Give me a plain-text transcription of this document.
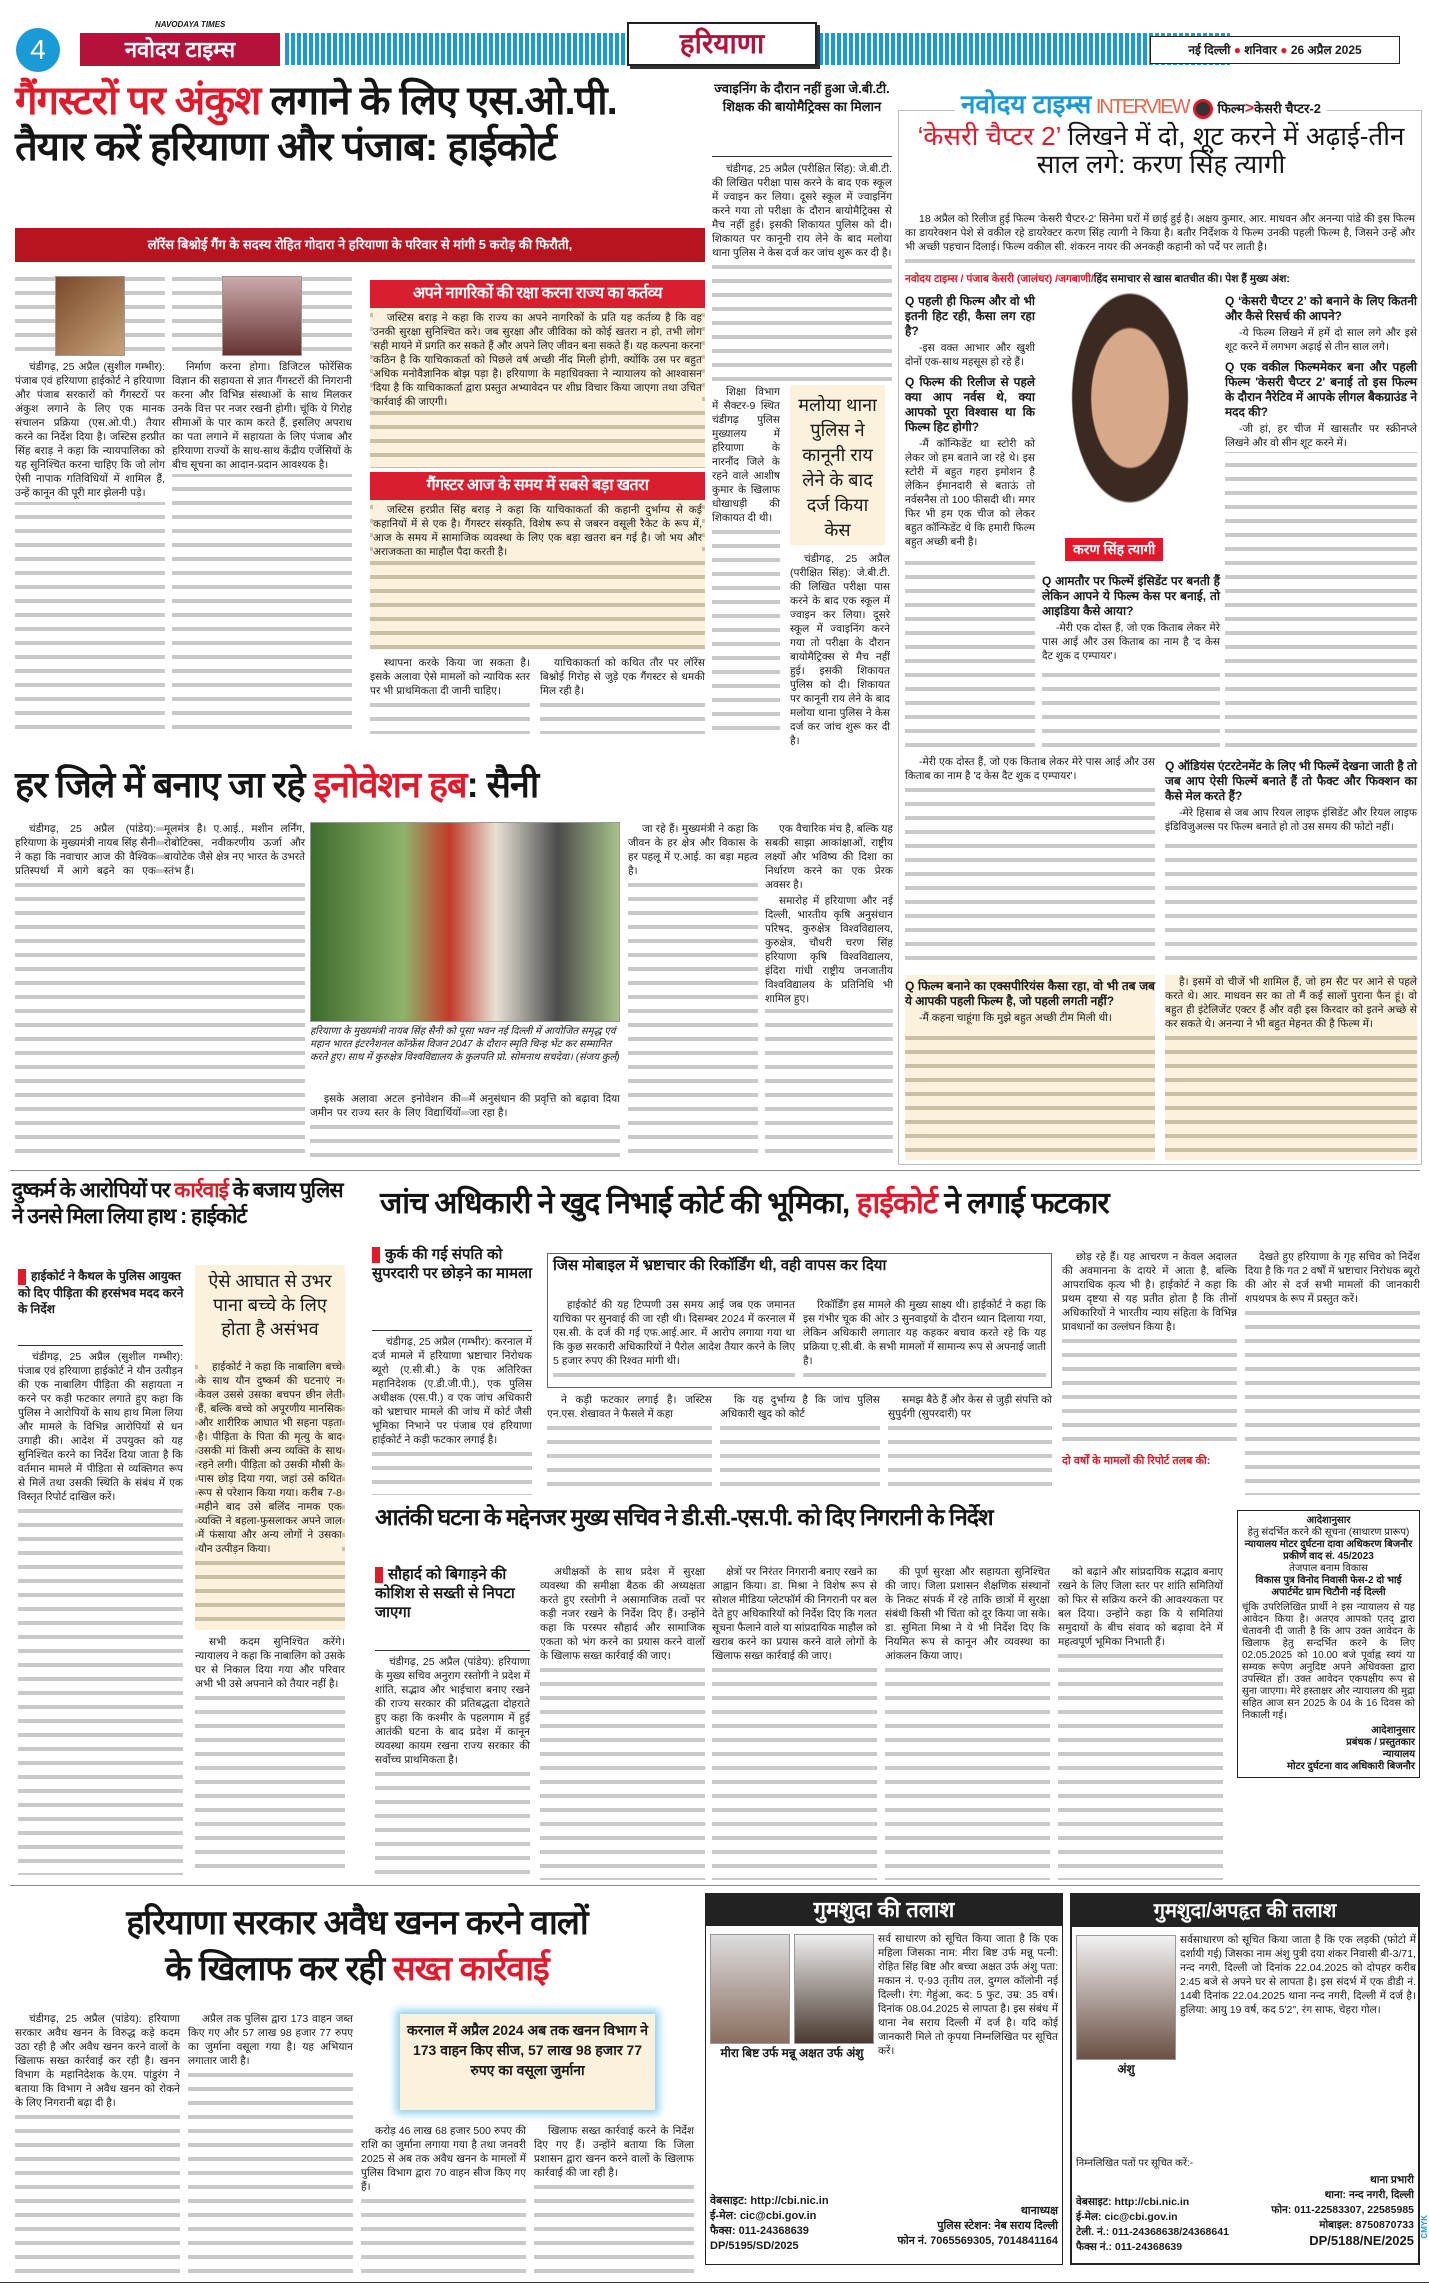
4
NAVODAYA TIMES
नवोदय टाइम्स	हरियाणा	नई दिल्ली ● शनिवार ● 26 अप्रैल 2025
गैंगस्टरों पर अंकुश लगाने के लिए एस.ओ.पी.
तैयार करें हरियाणा और पंजाब: हाईकोर्ट
लॉरेंस बिश्नोई गैंग के सदस्य रोहित गोदारा ने हरियाणा के परिवार से मांगी 5 करोड़ की फिरौती,

चंडीगढ़, 25 अप्रैल (सुशील गम्भीर): पंजाब एवं हरियाणा हाईकोर्ट ने हरियाणा और पंजाब सरकारों को गैंगस्टरों पर अंकुश लगाने के लिए एक मानक संचालन प्रक्रिया (एस.ओ.पी.) तैयार करने का निर्देश दिया है। जस्टिस हरप्रीत सिंह बराड़ ने कहा कि न्यायपालिका को यह सुनिश्चित करना चाहिए कि जो लोग ऐसी नापाक गतिविधियों में शामिल हैं, उन्हें कानून की पूरी मार झेलनी पड़े।

निर्माण करना होगा। डिजिटल फोरेंसिक विज्ञान की सहायता से ज्ञात गैंगस्टरों की निगरानी करना और विभिन्न संस्थाओं के साथ मिलकर उनके वित्त पर नजर रखनी होगी। चूंकि ये गिरोह सीमाओं के पार काम करते हैं, इसलिए अपराध का पता लगाने में सहायता के लिए पंजाब और हरियाणा राज्यों के साथ-साथ केंद्रीय एजेंसियों के बीच सूचना का आदान-प्रदान आवश्यक है।

अपने नागरिकों की रक्षा करना राज्य का कर्तव्य

जस्टिस बराड़ ने कहा कि राज्य का अपने नागरिकों के प्रति यह कर्तव्य है कि वह उनकी सुरक्षा सुनिश्चित करे। जब सुरक्षा और जीविका को कोई खतरा न हो, तभी लोग सही मायने में प्रगति कर सकते हैं और अपने लिए जीवन बना सकते हैं। यह कल्पना करना कठिन है कि याचिकाकर्ता को पिछले वर्ष अच्छी नींद मिली होगी, क्योंकि उस पर बहुत अधिक मनोवैज्ञानिक बोझ पड़ा है। हरियाणा के महाधिवक्ता ने न्यायालय को आश्वासन दिया है कि याचिकाकर्ता द्वारा प्रस्तुत अभ्यावेदन पर शीघ्र विचार किया जाएगा तथा उचित कार्रवाई की जाएगी।

गैंगस्टर आज के समय में सबसे बड़ा खतरा

जस्टिस हरप्रीत सिंह बराड़ ने कहा कि याचिकाकर्ता की कहानी दुर्भाग्य से कई कहानियों में से एक है। गैंगस्टर संस्कृति, विशेष रूप से जबरन वसूली रैकेट के रूप में, आज के समय में सामाजिक व्यवस्था के लिए एक बड़ा खतरा बन गई है। जो भय और अराजकता का माहौल पैदा करती है।

स्थापना करके किया जा सकता है। इसके अलावा ऐसे मामलों को न्यायिक स्तर पर भी प्राथमिकता दी जानी चाहिए।

याचिकाकर्ता को कथित तौर पर लॉरेंस बिश्नोई गिरोह से जुड़े एक गैंगस्टर से धमकी मिल रही है।

ज्वाइनिंग के दौरान नहीं हुआ जे.बी.टी. शिक्षक की बायोमैट्रिक्स का मिलान

चंडीगढ़, 25 अप्रैल (परीक्षित सिंह): जे.बी.टी. की लिखित परीक्षा पास करने के बाद एक स्कूल में ज्वाइन कर लिया। दूसरे स्कूल में ज्वाइनिंग करने गया तो परीक्षा के दौरान बायोमैट्रिक्स से मैच नहीं हुई। इसकी शिकायत पुलिस को दी। शिकायत पर कानूनी राय लेने के बाद मलोया थाना पुलिस ने केस दर्ज कर जांच शुरू कर दी है।

शिक्षा विभाग में सैक्टर-9 स्थित चंडीगढ़ पुलिस मुख्यालय में हरियाणा के नारनौंद जिले के रहने वाले आशीष कुमार के खिलाफ धोखाधड़ी की शिकायत दी थी।

मलोया थाना पुलिस ने कानूनी राय लेने के बाद दर्ज किया केस

चंडीगढ़, 25 अप्रैल (परीक्षित सिंह): जे.बी.टी. की लिखित परीक्षा पास करने के बाद एक स्कूल में ज्वाइन कर लिया। दूसरे स्कूल में ज्वाइनिंग करने गया तो परीक्षा के दौरान बायोमैट्रिक्स से मैच नहीं हुई। इसकी शिकायत पुलिस को दी। शिकायत पर कानूनी राय लेने के बाद मलोया थाना पुलिस ने केस दर्ज कर जांच शुरू कर दी है।

नवोदय टाइम्स INTERVIEW फिल्म>केसरी चैप्टर-2
‘केसरी चैप्टर 2’ लिखने में दो, शूट करने में अढ़ाई-तीन साल लगे: करण सिंह त्यागी

18 अप्रैल को रिलीज हुई फिल्म 'केसरी चैप्टर-2' सिनेमा घरों में छाई हुई है। अक्षय कुमार, आर. माधवन और अनन्या पांडे की इस फिल्म का डायरेक्शन पेशे से वकील रहे डायरेक्टर करण सिंह त्यागी ने किया है। बतौर निर्देशक ये फिल्म उनकी पहली फिल्म है, जिसने उन्हें और भी अच्छी पहचान दिलाई। फिल्म वकील सी. शंकरन नायर की अनकही कहानी को पर्दे पर लाती है।

नवोदय टाइम्स / पंजाब केसरी (जालंधर) /जगबाणी/हिंद समाचार से खास बातचीत की। पेश हैं मुख्य अंश:

Q पहली ही फिल्म और वो भी इतनी हिट रही, कैसा लग रहा है?

-इस वक्त आभार और खुशी दोनों एक-साथ महसूस हो रहे हैं।

Q फिल्म की रिलीज से पहले क्या आप नर्वस थे, क्या आपको पूरा विश्वास था कि फिल्म हिट होगी?

-मैं कॉन्फिडेंट था स्टोरी को लेकर जो हम बताने जा रहे थे। इस स्टोरी में बहुत गहरा इमोशन है लेकिन ईमानदारी से बताऊं तो नर्वसनैस तो 100 फीसदी थी। मगर फिर भी हम एक चीज को लेकर बहुत कॉन्फिडेंट थे कि हमारी फिल्म बहुत अच्छी बनी है।	करण सिंह त्यागी

Q ‘केसरी चैप्टर 2’ को बनाने के लिए कितनी और कैसे रिसर्च की आपने?

-ये फिल्म लिखने में हमें दो साल लगे और इसे शूट करने में लगभग अढ़ाई से तीन साल लगे।

Q एक वकील फिल्ममेकर बना और पहली फिल्म 'केसरी चैप्टर 2' बनाई तो इस फिल्म के दौरान नैरेटिव में आपके लीगल बैकग्राउंड ने मदद की?

-जी हां, हर चीज में खासतौर पर स्क्रीनप्ले लिखने और वो सीन शूट करने में।

Q आमतौर पर फिल्में इंसिडेंट पर बनती हैं लेकिन आपने ये फिल्म केस पर बनाई, तो आइडिया कैसे आया?

-मेरी एक दोस्त हैं, जो एक किताब लेकर मेरे पास आई और उस किताब का नाम है 'द केस दैट शुक द एम्पायर'।

-मेरी एक दोस्त हैं, जो एक किताब लेकर मेरे पास आई और उस किताब का नाम है 'द केस दैट शुक द एम्पायर'।

Q ऑडियंस एंटरटेनमेंट के लिए भी फिल्में देखना जाती है तो जब आप ऐसी फिल्में बनाते हैं तो फैक्ट और फिक्शन का कैसे मेल करते हैं?

-मेरे हिसाब से जब आप रियल लाइफ इंसिडेंट और रियल लाइफ इंडिविजुअल्स पर फिल्म बनाते हो तो उस समय की फोटो नहीं।

Q फिल्म बनाने का एक्सपीरियंस कैसा रहा, वो भी तब जब ये आपकी पहली फिल्म है, जो पहली लगती नहीं?

-मैं कहना चाहूंगा कि मुझे बहुत अच्छी टीम मिली थी।

है। इसमें वो चीजें भी शामिल हैं, जो हम सैट पर आने से पहले करते थे। आर. माधवन सर का तो मैं कई सालों पुराना फैन हूं। वो बहुत ही इंटेलिजेंट एक्टर हैं और वही इस किरदार को इतने अच्छे से कर सकते थे। अनन्या ने भी बहुत मेहनत की है फिल्म में।

हर जिले में बनाए जा रहे इनोवेशन हब: सैनी

चंडीगढ़, 25 अप्रैल (पांडेय): हरियाणा के मुख्यमंत्री नायब सिंह सैनी ने कहा कि नवाचार आज की वैश्विक प्रतिस्पर्धा में आगे बढ़ने का एक मूलमंत्र है। ए.आई., मशीन लर्निंग, रोबोटिक्स, नवीकरणीय ऊर्जा और बायोटेक जैसे क्षेत्र नए भारत के उभरते स्तंभ हैं।

हरियाणा के मुख्यमंत्री नायब सिंह सैनी को पूसा भवन नई दिल्ली में आयोजित समृद्ध एवं महान भारत इंटरनैशनल कॉन्फ्रेंस विजन 2047 के दौरान स्मृति चिन्ह भेंट कर सम्मानित करते हुए। साथ में कुरुक्षेत्र विश्वविद्यालय के कुलपति प्रो. सोमनाथ सचदेवा। (संजय कुर्ल)

इसके अलावा अटल इनोवेशन की जमीन पर राज्य स्तर के लिए विद्यार्थियों में अनुसंधान की प्रवृत्ति को बढ़ावा दिया जा रहा है।

जा रहे हैं। मुख्यमंत्री ने कहा कि जीवन के हर क्षेत्र और विकास के हर पहलू में ए.आई. का बड़ा महत्व है।

एक वैचारिक मंच है, बल्कि यह सबकी साझा आकांक्षाओं, राष्ट्रीय लक्ष्यों और भविष्य की दिशा का निर्धारण करने का एक प्रेरक अवसर है।

समारोह में हरियाणा और नई दिल्ली, भारतीय कृषि अनुसंधान परिषद, कुरुक्षेत्र विश्वविद्यालय, कुरुक्षेत्र, चौधरी चरण सिंह हरियाणा कृषि विश्वविद्यालय, इंदिरा गांधी राष्ट्रीय जनजातीय विश्वविद्यालय के प्रतिनिधि भी शामिल हुए।

दुष्कर्म के आरोपियों पर कार्रवाई के बजाय पुलिस ने उनसे मिला लिया हाथ : हाईकोर्ट
हाईकोर्ट ने कैथल के पुलिस आयुक्त को दिए पीड़िता की हरसंभव मदद करने के निर्देश

चंडीगढ़, 25 अप्रैल (सुशील गम्भीर): पंजाब एवं हरियाणा हाईकोर्ट ने यौन उत्पीड़न की एक नाबालिग पीड़िता की सहायता न करने पर कड़ी फटकार लगाते हुए कहा कि पुलिस ने आरोपियों के साथ हाथ मिला लिया और मामले के विभिन्न आरोपियों से धन उगाही की। आदेश में उपयुक्त को यह सुनिश्चित करने का निर्देश दिया जाता है कि वर्तमान मामले में पीड़िता से व्यक्तिगत रूप से मिलें तथा उसकी स्थिति के संबंध में एक विस्तृत रिपोर्ट दाखिल करें।

ऐसे आघात से उभर पाना बच्चे के लिए होता है असंभव

हाईकोर्ट ने कहा कि नाबालिग बच्चे के साथ यौन दुष्कर्म की घटनाएं न केवल उससे उसका बचपन छीन लेती हैं, बल्कि बच्चे को अपूरणीय मानसिक और शारीरिक आघात भी सहना पड़ता है। पीड़िता के पिता की मृत्यु के बाद उसकी मां किसी अन्य व्यक्ति के साथ रहने लगी। पीड़िता को उसकी मौसी के पास छोड़ दिया गया, जहां उसे कथित रूप से परेशान किया गया। करीब 7-8 महीने बाद उसे बलिंद नामक एक व्यक्ति ने बहला-फुसलाकर अपने जाल में फंसाया और अन्य लोगों ने उसका यौन उत्पीड़न किया।

सभी कदम सुनिश्चित करेंगे। न्यायालय ने कहा कि नाबालिग को उसके घर से निकाल दिया गया और परिवार अभी भी उसे अपनाने को तैयार नहीं है।

जांच अधिकारी ने खुद निभाई कोर्ट की भूमिका, हाईकोर्ट ने लगाई फटकार
कुर्क की गई संपति को सुपरदारी पर छोड़ने का मामला

चंडीगढ़, 25 अप्रैल (गम्भीर): करनाल में दर्ज मामले में हरियाणा भ्रष्टाचार निरोधक ब्यूरो (ए.सी.बी.) के एक अतिरिक्त महानिदेशक (ए.डी.जी.पी.), एक पुलिस अधीक्षक (एस.पी.) व एक जांच अधिकारी को भ्रष्टाचार मामले की जांच में कोर्ट जैसी भूमिका निभाने पर पंजाब एवं हरियाणा हाईकोर्ट ने कड़ी फटकार लगाई है।

जिस मोबाइल में भ्रष्टाचार की रिकॉर्डिंग थी, वही वापस कर दिया

हाईकोर्ट की यह टिप्पणी उस समय आई जब एक जमानत याचिका पर सुनवाई की जा रही थी। दिसम्बर 2024 में करनाल में एस.सी. के दर्ज की गई एफ.आई.आर. में आरोप लगाया गया था कि कुछ सरकारी अधिकारियों ने पैरोल आदेश तैयार करने के लिए 5 हजार रुपए की रिश्वत मांगी थी।

रिकॉर्डिंग इस मामले की मुख्य साक्ष्य थी। हाईकोर्ट ने कहा कि इस गंभीर चूक की ओर 3 सुनवाइयों के दौरान ध्यान दिलाया गया, लेकिन अधिकारी लगातार यह कहकर बचाव करते रहे कि यह प्रक्रिया ए.सी.बी. के सभी मामलों में सामान्य रूप से अपनाई जाती है।

ने कड़ी फटकार लगाई है। जस्टिस एन.एस. शेखावत ने फैसले में कहा

कि यह दुर्भाग्य है कि जांच पुलिस अधिकारी खुद को कोर्ट

समझ बैठे हैं और केस से जुड़ी संपत्ति को सुपुर्दगी (सुपरदारी) पर

छोड़ रहे हैं। यह आचरण न केवल अदालत की अवमानना के दायरे में आता है, बल्कि आपराधिक कृत्य भी है। हाईकोर्ट ने कहा कि प्रथम दृष्टया से यह प्रतीत होता है कि तीनों अधिकारियों ने भारतीय न्याय संहिता के विभिन्न प्रावधानों का उल्लंघन किया है।

दो वर्षों के मामलों की रिपोर्ट तलब की:

देखते हुए हरियाणा के गृह सचिव को निर्देश दिया है कि गत 2 वर्षों में भ्रष्टाचार निरोधक ब्यूरो की ओर से दर्ज सभी मामलों की जानकारी शपथपत्र के रूप में प्रस्तुत करें।

आतंकी घटना के मद्देनजर मुख्य सचिव ने डी.सी.-एस.पी. को दिए निगरानी के निर्देश
सौहार्द को बिगाड़ने की कोशिश से सख्ती से निपटा जाएगा

चंडीगढ़, 25 अप्रैल (पांडेय): हरियाणा के मुख्य सचिव अनुराग रस्तोगी ने प्रदेश में शांति, सद्भाव और भाईचारा बनाए रखने की राज्य सरकार की प्रतिबद्धता दोहराते हुए कहा कि कश्मीर के पहलगाम में हुई आतंकी घटना के बाद प्रदेश में कानून व्यवस्था कायम रखना राज्य सरकार की सर्वोच्च प्राथमिकता है।

अधीक्षकों के साथ प्रदेश में सुरक्षा व्यवस्था की समीक्षा बैठक की अध्यक्षता करते हुए रस्तोगी ने असामाजिक तत्वों पर कड़ी नजर रखने के निर्देश दिए हैं। उन्होंने कहा कि परस्पर सौहार्द और सामाजिक एकता को भंग करने का प्रयास करने वालों के खिलाफ सख्त कार्रवाई की जाए।

क्षेत्रों पर निरंतर निगरानी बनाए रखने का आह्वान किया। डा. मिश्रा ने विशेष रूप से सोशल मीडिया प्लेटफॉर्म की निगरानी पर बल देते हुए अधिकारियों को निर्देश दिए कि गलत सूचना फैलाने वाले या सांप्रदायिक माहौल को खराब करने का प्रयास करने वाले लोगों के खिलाफ सख्त कार्रवाई की जाए।

की पूर्ण सुरक्षा और सहायता सुनिश्चित की जाए। जिला प्रशासन शैक्षणिक संस्थानों के निकट संपर्क में रहे ताकि छात्रों में सुरक्षा संबंधी किसी भी चिंता को दूर किया जा सके। डा. सुमिता मिश्रा ने ये भी निर्देश दिए कि नियमित रूप से कानून और व्यवस्था का आंकलन किया जाए।

को बढ़ाने और सांप्रदायिक सद्भाव बनाए रखने के लिए जिला स्तर पर शांति समितियों को फिर से सक्रिय करने की आवश्यकता पर बल दिया। उन्होंने कहा कि ये समितियां समुदायों के बीच संवाद को बढ़ावा देने में महत्वपूर्ण भूमिका निभाती हैं।

आदेशानुसार
हेतु संदर्भित करने की सूचना (साधारण प्रारूप)
न्यायालय मोटर दुर्घटना दावा अधिकरण बिजनौर
प्रकीर्ण वाद सं. 45/2023
तेजपाल बनाम विकास
विकास पुत्र विनोद निवासी फेस-2 दो भाई अपार्टमेंट ग्राम चिटौनी नई दिल्ली
चूंकि उपरिलिखित प्रार्थी ने इस न्यायालय से यह आवेदन किया है। अतएव आपको एतद् द्वारा चेतावनी दी जाती है कि आप उक्त आवेदन के खिलाफ हेतु सन्दर्भित करने के लिए 02.05.2025 को 10.00 बजे पूर्वाह्न स्वयं या सम्यक रूपेण अनुदिष्ट अपने अधिवक्ता द्वारा उपस्थित हों। उक्त आवेदन एकपक्षीय रूप से सुना जाएगा। मेरे हस्ताक्षर और न्यायालय की मुद्रा सहित आज सन 2025 के 04 के 16 दिवस को निकाली गई।
आदेशानुसार
प्रबंधक / प्रस्तुतकार
न्यायालय
मोटर दुर्घटना वाद अधिकारी बिजनौर
हरियाणा सरकार अवैध खनन करने वालों
के खिलाफ कर रही सख्त कार्रवाई

चंडीगढ़, 25 अप्रैल (पांडेय): हरियाणा सरकार अवैध खनन के विरुद्ध कड़े कदम उठा रही है और अवैध खनन करने वालों के खिलाफ सख्त कार्रवाई कर रही है। खनन विभाग के महानिदेशक के.एम. पांडुरंग ने बताया कि विभाग ने अवैध खनन को रोकने के लिए निगरानी बढ़ा दी है।

अप्रैल तक पुलिस द्वारा 173 वाहन जब्त किए गए और 57 लाख 98 हजार 77 रुपए का जुर्माना वसूला गया है। यह अभियान लगातार जारी है।

करनाल में अप्रैल 2024 अब तक खनन विभाग ने 173 वाहन किए सीज, 57 लाख 98 हजार 77 रुपए का वसूला जुर्माना

करोड़ 46 लाख 68 हजार 500 रुपए की राशि का जुर्माना लगाया गया है तथा जनवरी 2025 से अब तक अवैध खनन के मामलों में पुलिस विभाग द्वारा 70 वाहन सीज किए गए हैं।

खिलाफ सख्त कार्रवाई करने के निर्देश दिए गए हैं। उन्होंने बताया कि जिला प्रशासन द्वारा खनन करने वालों के खिलाफ कार्रवाई की जा रही है।

गुमशुदा की तलाश
मीरा बिष्ट उर्फ मन्नू अक्षत उर्फ अंशु
सर्व साधारण को सूचित किया जाता है कि एक महिला जिसका नाम: मीरा बिष्ट उर्फ मन्नू पत्नी: रोहित सिंह बिष्ट और बच्चा अक्षत उर्फ अंशु पता: मकान नं. ए-93 तृतीय तल, दुग्गल कॉलोनी नई दिल्ली। रंग: गेहुंआ, कद: 5 फुट, उम्र: 35 वर्ष। दिनांक 08.04.2025 से लापता है। इस संबंध में थाना नेब सराय दिल्ली में दर्ज है। यदि कोई जानकारी मिले तो कृपया निम्नलिखित पर सूचित करें।
वेबसाइट: http://cbi.nic.in
ई-मेल: cic@cbi.gov.in
फैक्स: 011-24368639
DP/5195/SD/2025
थानाध्यक्ष
पुलिस स्टेशन: नेब सराय दिल्ली
फोन नं. 7065569305, 7014841164
गुमशुदा/अपहृत की तलाश
अंशु
सर्वसाधारण को सूचित किया जाता है कि एक लड़की (फोटो में दर्शायी गई) जिसका नाम अंशु पुत्री दया शंकर निवासी बी-3/71, नन्द नगरी, दिल्ली जो दिनांक 22.04.2025 को दोपहर करीब 2:45 बजे से अपने घर से लापता है। इस संदर्भ में एक डीडी नं. 14बी दिनांक 22.04.2025 थाना नन्द नगरी, दिल्ली में दर्ज है। हुलिया: आयु 19 वर्ष, कद 5'2", रंग साफ, चेहरा गोल।
निम्नलिखित पतों पर सूचित करें:-
वेबसाइट: http://cbi.nic.in
ई-मेल: cic@cbi.gov.in
टेली. नं.: 011-24368638/24368641
फैक्स नं.: 011-24368639
थाना प्रभारी
थाना: नन्द नगरी, दिल्ली
फोन: 011-22583307, 22585985
मोबाइल: 8750870733
DP/5188/NE/2025
CMYK
